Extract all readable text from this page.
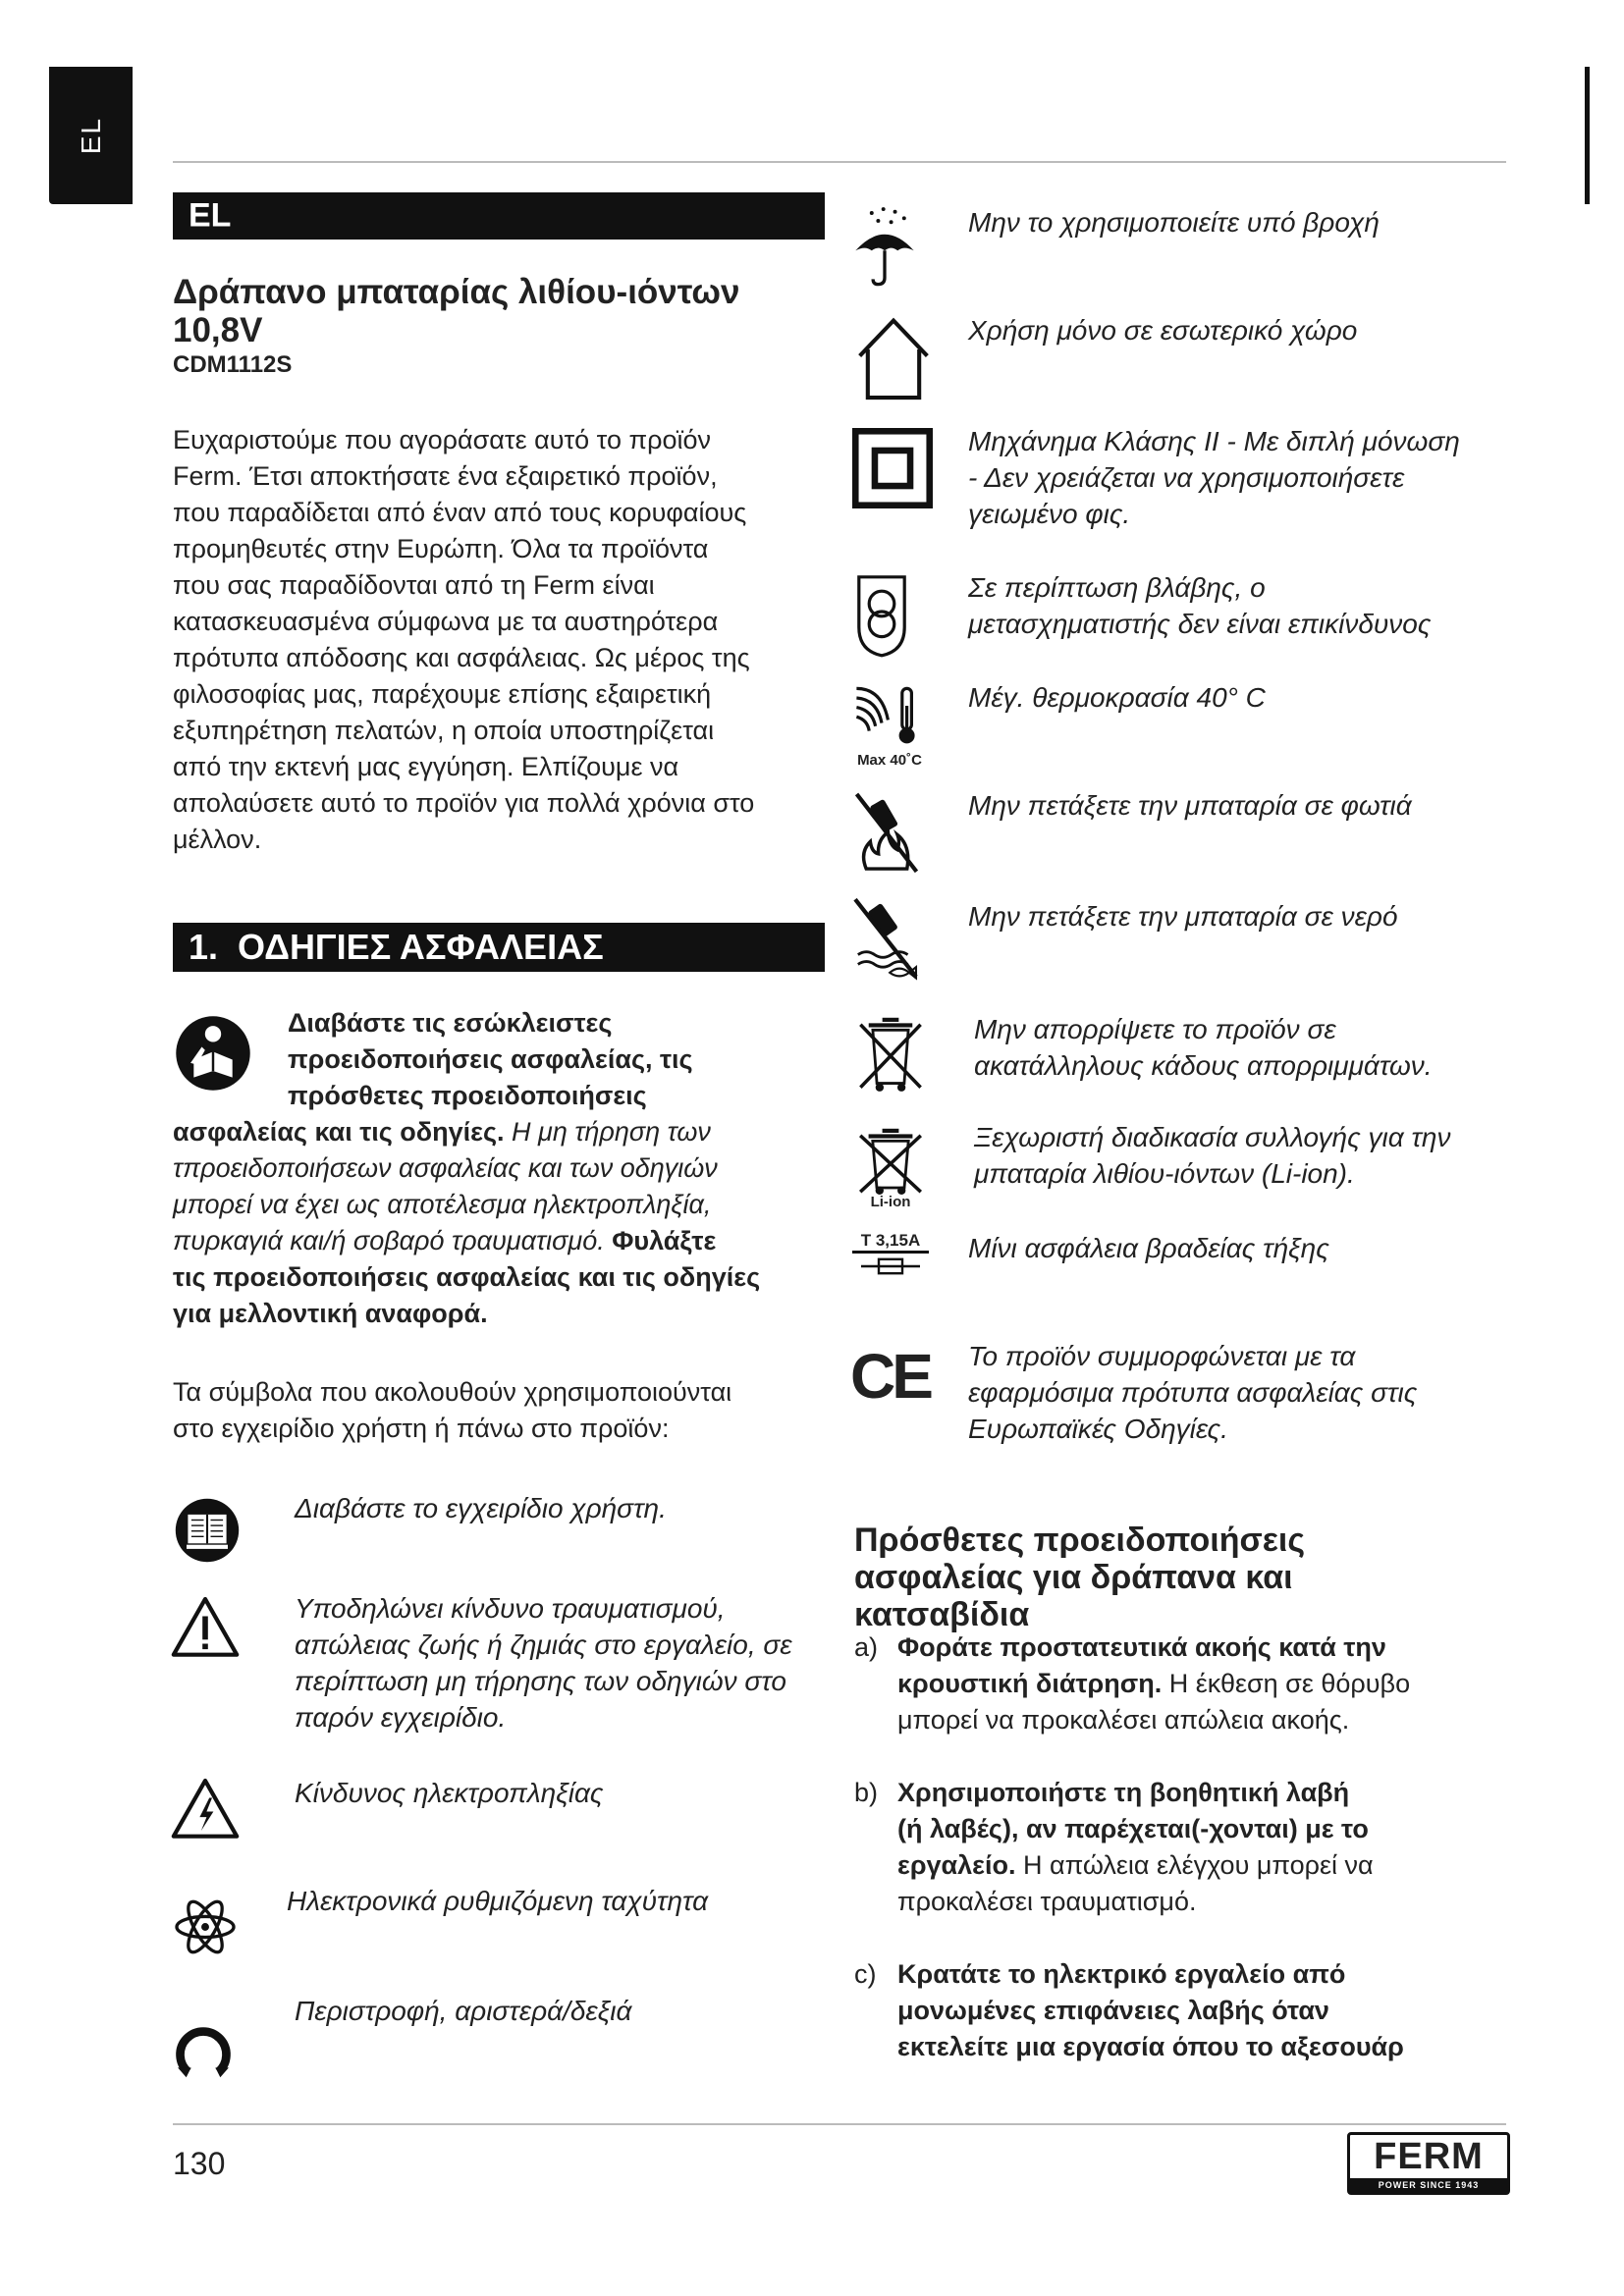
EL
EL
Δράπανο μπαταρίας λιθίου-ιόντων
10,8V
CDM1112S
Ευχαριστούμε που αγοράσατε αυτό το προϊόν
Ferm. Έτσι αποκτήσατε ένα εξαιρετικό προϊόν,
που παραδίδεται από έναν από τους κορυφαίους
προμηθευτές στην Ευρώπη. Όλα τα προϊόντα
που σας παραδίδονται από τη Ferm είναι
κατασκευασμένα σύμφωνα με τα αυστηρότερα
πρότυπα απόδοσης και ασφάλειας. Ως μέρος της
φιλοσοφίας μας, παρέχουμε επίσης εξαιρετική
εξυπηρέτηση πελατών, η οποία υποστηρίζεται
από την εκτενή μας εγγύηση. Ελπίζουμε να
απολαύσετε αυτό το προϊόν για πολλά χρόνια στο
μέλλον.
1.  ΟΔΗΓΙΕΣ ΑΣΦΑΛΕΙΑΣ
Διαβάστε τις εσώκλειστες
προειδοποιήσεις ασφαλείας, τις
πρόσθετες προειδοποιήσεις
ασφαλείας και τις οδηγίες. Η μη τήρηση των
τπροειδοποιήσεων ασφαλείας και των οδηγιών
μπορεί να έχει ως αποτέλεσμα ηλεκτροπληξία,
πυρκαγιά και/ή σοβαρό τραυματισμό. Φυλάξτε
τις προειδοποιήσεις ασφαλείας και τις οδηγίες
για μελλοντική αναφορά.
Τα σύμβολα που ακολουθούν χρησιμοποιούνται
στο εγχειρίδιο χρήστη ή πάνω στο προϊόν:
Διαβάστε το εγχειρίδιο χρήστη.
Υποδηλώνει κίνδυνο τραυματισμού,
απώλειας ζωής ή ζημιάς στο εργαλείο, σε
περίπτωση μη τήρησης των οδηγιών στο
παρόν εγχειρίδιο.
Κίνδυνος ηλεκτροπληξίας
Ηλεκτρονικά ρυθμιζόμενη ταχύτητα
Περιστροφή, αριστερά/δεξιά
Max 40˚C
Li-ion
T 3,15A
CE
Μην το χρησιμοποιείτε υπό βροχή
Χρήση μόνο σε εσωτερικό χώρο
Μηχάνημα Κλάσης II - Με διπλή μόνωση
- Δεν χρειάζεται να χρησιμοποιήσετε
γειωμένο φις.
Σε περίπτωση βλάβης, ο
μετασχηματιστής δεν είναι επικίνδυνος
Μέγ. θερμοκρασία 40° C
Μην πετάξετε την μπαταρία σε φωτιά
Μην πετάξετε την μπαταρία σε νερό
Μην απορρίψετε το προϊόν σε
ακατάλληλους κάδους απορριμμάτων.
Ξεχωριστή διαδικασία συλλογής για την
μπαταρία λιθίου-ιόντων (Li-ion).
Μίνι ασφάλεια βραδείας τήξης
Το προϊόν συμμορφώνεται με τα
εφαρμόσιμα πρότυπα ασφαλείας στις
Ευρωπαϊκές Οδηγίες.
Πρόσθετες προειδοποιήσεις
ασφαλείας για δράπανα και
κατσαβίδια
a) Φοράτε προστατευτικά ακοής κατά την
κρουστική διάτρηση. Η έκθεση σε θόρυβο
μπορεί να προκαλέσει απώλεια ακοής.
b) Χρησιμοποιήστε τη βοηθητική λαβή
(ή λαβές), αν παρέχεται(-χονται) με το
εργαλείο. Η απώλεια ελέγχου μπορεί να
προκαλέσει τραυματισμό.
c) Κρατάτε το ηλεκτρικό εργαλείο από
μονωμένες επιφάνειες λαβής όταν
εκτελείτε μια εργασία όπου το αξεσουάρ
130	FERM
POWER SINCE 1943
